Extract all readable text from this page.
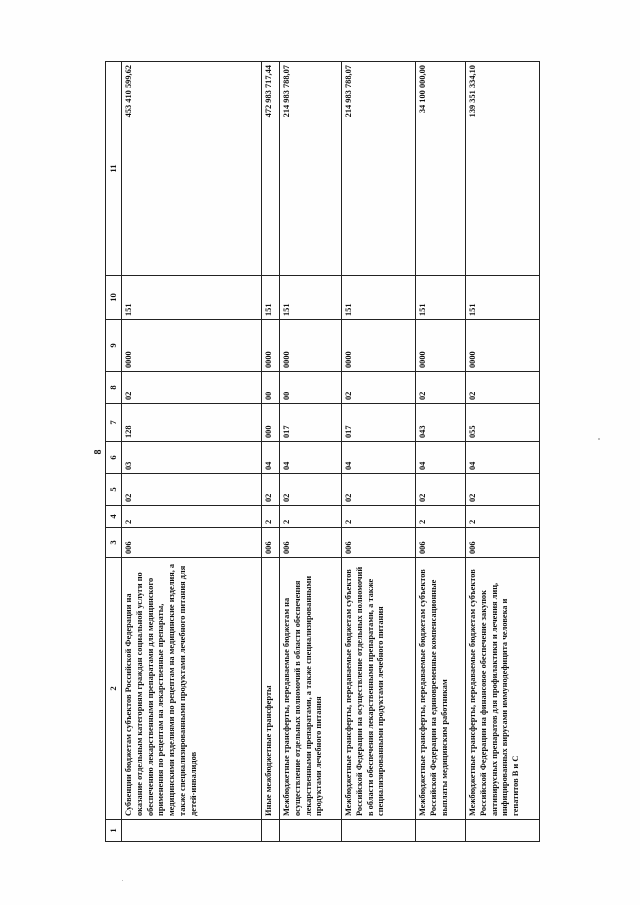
8
1	2	3	4	5	6	7	8	9	10	11
	Субвенции бюджетам субъектов Российской Федерации на оказание отдельным категориям граждан социальной услуги по обеспечению лекарственными препаратами для медицинского применения по рецептам на лекарственные препараты, медицинскими изделиями по рецептам на медицинские изделия, а также специализированными продуктами лечебного питания для детей-инвалидов	006	2	02	03	128	02	0000	151	453 410 599,62
	Иные межбюджетные трансферты	006	2	02	04	000	00	0000	151	472 983 717,44
	Межбюджетные трансферты, передаваемые бюджетам на осуществление отдельных полномочий в области обеспечения лекарственными препаратами, а также специализированными продуктами лечебного питания	006	2	02	04	017	00	0000	151	214 983 788,07
	Межбюджетные трансферты, передаваемые бюджетам субъектов Российской Федерации на осуществление отдельных полномочий в области обеспечения лекарственными препаратами, а также специализированными продуктами лечебного питания	006	2	02	04	017	02	0000	151	214 983 788,07
	Межбюджетные трансферты, передаваемые бюджетам субъектов Российской Федерации на единовременные компенсационные выплаты медицинским работникам	006	2	02	04	043	02	0000	151	34 100 000,00
	Межбюджетные трансферты, передаваемые бюджетам субъектов Российской Федерации на финансовое обеспечение закупок антивирусных препаратов для профилактики и лечения лиц, инфицированных вирусами иммунодефицита человека и гепатитов В и С	006	2	02	04	055	02	0000	151	139 351 334,10
